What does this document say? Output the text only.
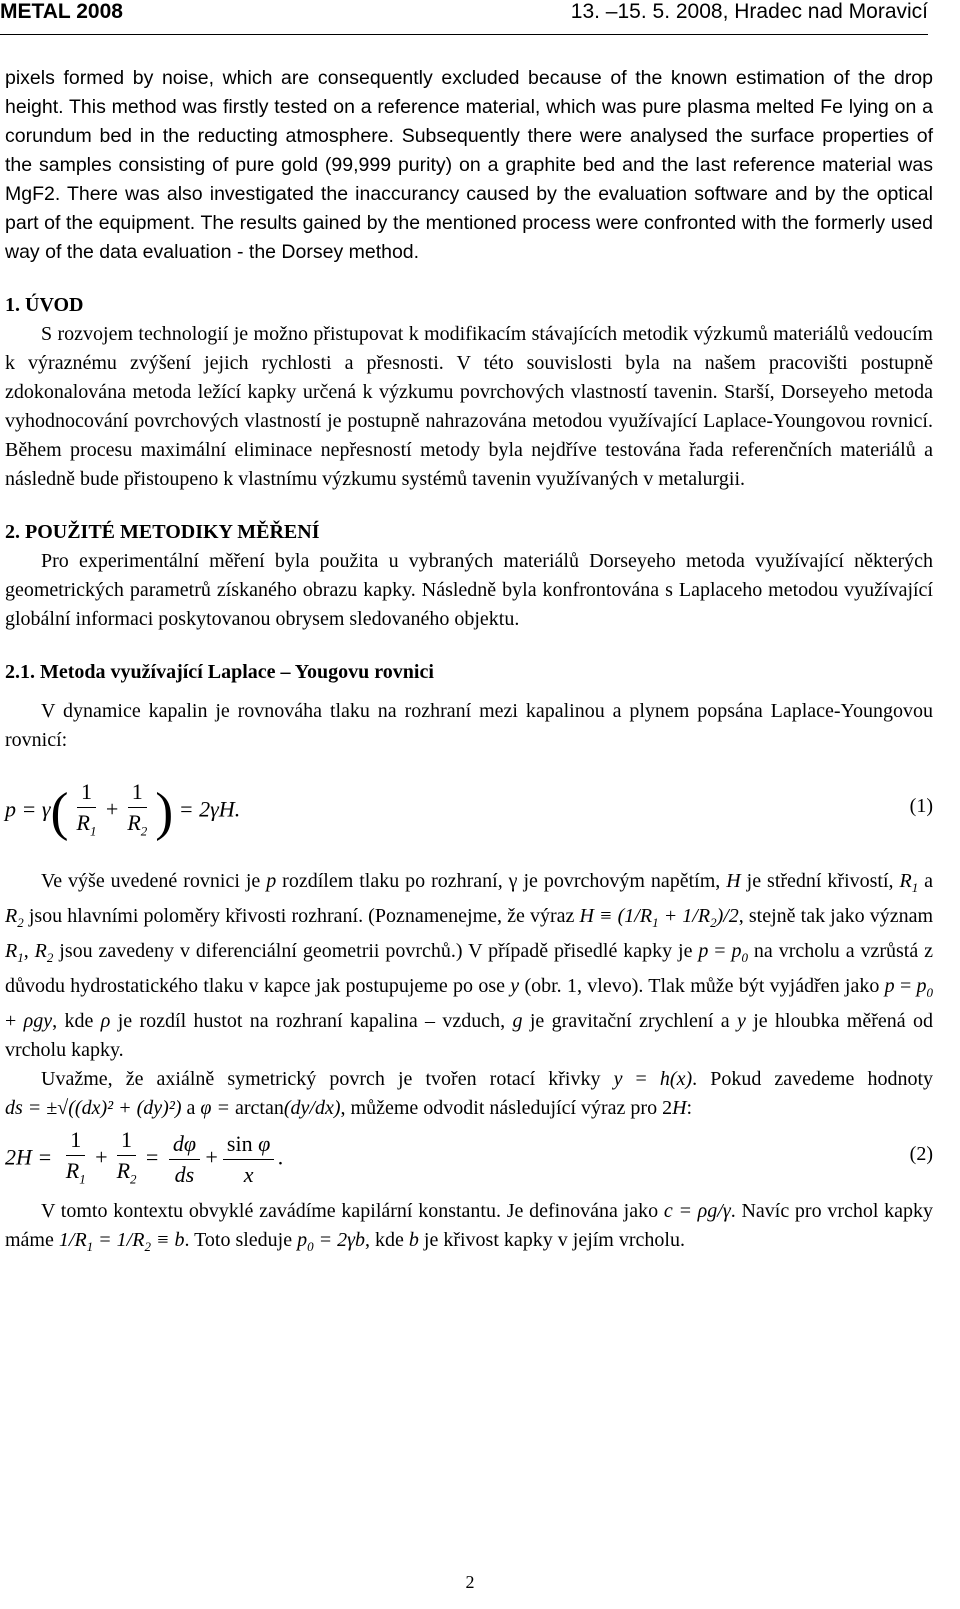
METAL 2008	13. –15. 5. 2008, Hradec nad Moravicí

pixels formed by noise, which are consequently excluded because of the known estimation of the drop height. This method was firstly tested on a reference material, which was pure plasma melted Fe lying on a corundum bed in the reducting atmosphere. Subsequently there were analysed the surface properties of the samples consisting of pure gold (99,999 purity) on a graphite bed and the last reference material was MgF2. There was also investigated the inaccurancy caused by the evaluation software and by the optical part of the equipment. The results gained by the mentioned process were confronted with the formerly used way of the data evaluation - the Dorsey method.

1. ÚVOD

S rozvojem technologií je možno přistupovat k modifikacím stávajících metodik výzkumů materiálů vedoucím k výraznému zvýšení jejich rychlosti a přesnosti. V této souvislosti byla na našem pracovišti postupně zdokonalována metoda ležící kapky určená k výzkumu povrchových vlastností tavenin. Starší, Dorseyeho metoda vyhodnocování povrchových vlastností je postupně nahrazována metodou využívající Laplace-Youngovou rovnicí. Během procesu maximální eliminace nepřesností metody byla nejdříve testována řada referenčních materiálů a následně bude přistoupeno k vlastnímu výzkumu systémů tavenin využívaných v metalurgii.

2. POUŽITÉ METODIKY MĚŘENÍ

Pro experimentální měření byla použita u vybraných materiálů Dorseyeho metoda využívající některých geometrických parametrů získaného obrazu kapky. Následně byla konfrontována s Laplaceho metodou využívající globální informaci poskytovanou obrysem sledovaného objektu.

2.1. Metoda využívající Laplace – Yougovu rovnici

V dynamice kapalin je rovnováha tlaku na rozhraní mezi kapalinou a plynem popsána Laplace-Youngovou rovnicí:

$p = \gamma( \frac{1}{R_1} + \frac{1}{R_2}$ ) = 2γH.	(1)

Ve výše uvedené rovnici je p rozdílem tlaku po rozhraní, γ je povrchovým napětím, H je střední křivostí, $R_1$ a $R_2$ jsou hlavními poloměry křivosti rozhraní. (Poznamenejme, že výraz $H \equiv (1/R_1 + 1/R_2)/2$, stejně tak jako význam $R_1$, $R_2$ jsou zavedeny v diferenciální geometrii povrchů.) V případě přisedlé kapky je $p = p_0$ na vrcholu a vzrůstá z důvodu hydrostatického tlaku v kapce jak postupujeme po ose y (obr. 1, vlevo). Tlak může být vyjádřen jako $p = p_0 + \rho gy$, kde ρ je rozdíl hustot na rozhraní kapalina – vzduch, g je gravitační zrychlení a y je hloubka měřená od vrcholu kapky.

Uvažme, že axiálně symetrický povrch je tvořen rotací křivky y = h(x). Pokud zavedeme hodnoty ds = ±√((dx)² + (dy)²) a φ = arctan(dy/dx), můžeme odvodit následující výraz pro 2H:

$2H = \frac{1}{R_1} + \frac{1}{R_2} = \frac{d\varphi}{ds} + \frac{\text{sin φ}}{x}$ .	(2)

V tomto kontextu obvyklé zavádíme kapilární konstantu. Je definována jako c = ρg/γ. Navíc pro vrchol kapky máme $1/R_1 = 1/R_2 \equiv b$. Toto sleduje $p_0 = 2\gamma b$, kde b je křivost kapky v jejím vrcholu.

2
